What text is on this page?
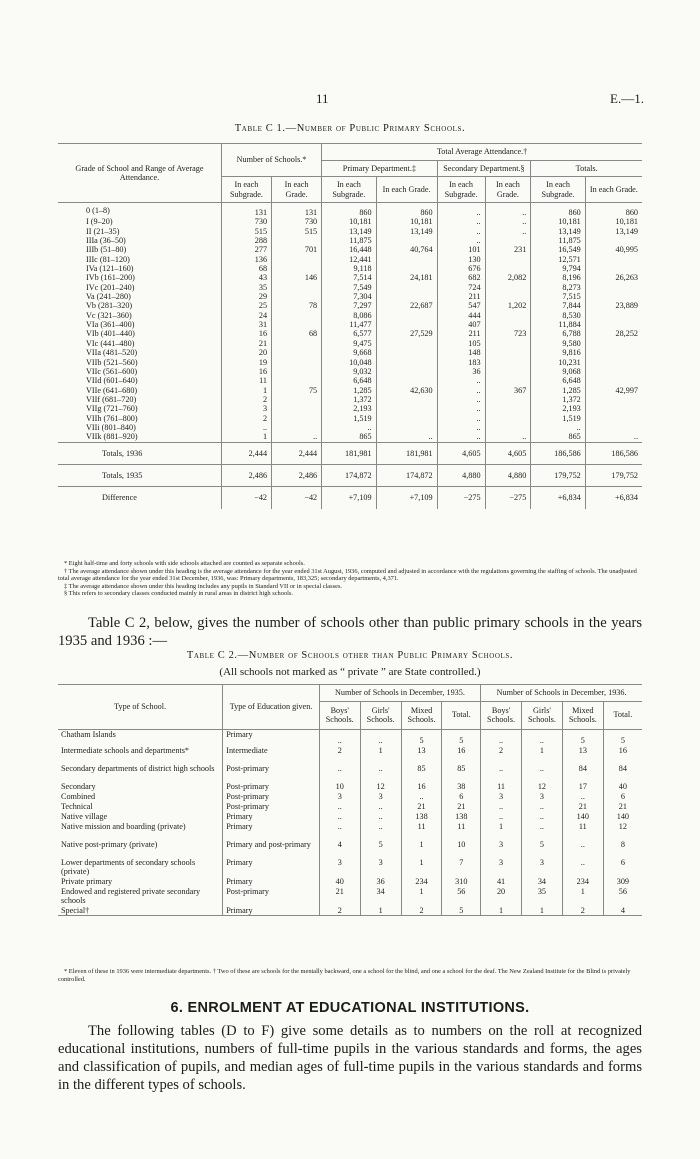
11	E.—1.
Table C 1.—Number of Public Primary Schools.
Grade of School and Range of Average Attendance.	Number of Schools.*		Total Average Attendance.†					
			Primary Department.‡		Secondary Department.§		Totals.	
	In each Subgrade.	In each Grade.	In each Subgrade.	In each Grade.	In each Subgrade.	In each Grade.	In each Subgrade.	In each Grade.
0 (1–8)	131	131	860	860	..	..	860	860
I (9–20)	730	730	10,181	10,181	..	..	10,181	10,181
II (21–35)	515	515	13,149	13,149	..	..	13,149	13,149
IIIa (36–50)	288		11,875		..		11,875	
IIIb (51–80)	277	701	16,448	40,764	101	231	16,549	40,995
IIIc (81–120)	136		12,441		130		12,571	
IVa (121–160)	68		9,118		676		9,794	
IVb (161–200)	43	146	7,514	24,181	682	2,082	8,196	26,263
IVc (201–240)	35		7,549		724		8,273	
Va (241–280)	29		7,304		211		7,515	
Vb (281–320)	25	78	7,297	22,687	547	1,202	7,844	23,889
Vc (321–360)	24		8,086		444		8,530	
VIa (361–400)	31		11,477		407		11,884	
VIb (401–440)	16	68	6,577	27,529	211	723	6,788	28,252
VIc (441–480)	21		9,475		105		9,580	
VIIa (481–520)	20		9,668		148		9,816	
VIIb (521–560)	19		10,048		183		10,231	
VIIc (561–600)	16		9,032		36		9,068	
VIId (601–640)	11		6,648		..		6,648	
VIIe (641–680)	1	75	1,285	42,630	..	367	1,285	42,997
VIIf (681–720)	2		1,372		..		1,372	
VIIg (721–760)	3		2,193		..		2,193	
VIIh (761–800)	2		1,519		..		1,519	
VIIi (801–840)	..		..		..		..	
VIIk (881–920)	1	..	865	..	..	..	865	..
Totals, 1936	2,444	2,444	181,981	181,981	4,605	4,605	186,586	186,586
Totals, 1935	2,486	2,486	174,872	174,872	4,880	4,880	179,752	179,752
Difference	−42	−42	+7,109	+7,109	−275	−275	+6,834	+6,834

* Eight half-time and forty schools with side schools attached are counted as separate schools.

† The average attendance shown under this heading is the average attendance for the year ended 31st August, 1936, computed and adjusted in accordance with the regulations governing the staffing of schools. The unadjusted total average attendance for the year ended 31st December, 1936, was: Primary departments, 183,325; secondary departments, 4,371.

‡ The average attendance shown under this heading includes any pupils in Standard VII or in special classes.

§ This refers to secondary classes conducted mainly in rural areas in district high schools.

Table C 2, below, gives the number of schools other than public primary schools in the years 1935 and 1936 :—

Table C 2.—Number of Schools other than Public Primary Schools.
(All schools not marked as “ private ” are State controlled.)
Type of School.	Type of Education given.	Number of Schools in December, 1935.				Number of Schools in December, 1936.			
		Boys' Schools.	Girls' Schools.	Mixed Schools.	Total.	Boys' Schools.	Girls' Schools.	Mixed Schools.	Total.
Chatham Islands	Primary	..	..	5	5	..	..	5	5
Intermediate schools and departments*	Intermediate	2	1	13	16	2	1	13	16
Secondary departments of district high schools	Post-primary	..	..	85	85	..	..	84	84
Secondary	Post-primary	10	12	16	38	11	12	17	40
Combined	Post-primary	3	3	..	6	3	3	..	6
Technical	Post-primary	..	..	21	21	..	..	21	21
Native village	Primary	..	..	138	138	..	..	140	140
Native mission and boarding (private)	Primary	..	..	11	11	1	..	11	12
Native post-primary (private)	Primary and post-primary	4	5	1	10	3	5	..	8
Lower departments of secondary schools (private)	Primary	3	3	1	7	3	3	..	6
Private primary	Primary	40	36	234	310	41	34	234	309
Endowed and registered private secondary schools	Post-primary	21	34	1	56	20	35	1	56
Special†	Primary	2	1	2	5	1	1	2	4

* Eleven of these in 1936 were intermediate departments. † Two of these are schools for the mentally backward, one a school for the blind, and one a school for the deaf. The New Zealand Institute for the Blind is privately controlled.

6. ENROLMENT AT EDUCATIONAL INSTITUTIONS.

The following tables (D to F) give some details as to numbers on the roll at recognized educational institutions, numbers of full-time pupils in the various standards and forms, the ages and classification of pupils, and median ages of full-time pupils in the various standards and forms in the different types of schools.
